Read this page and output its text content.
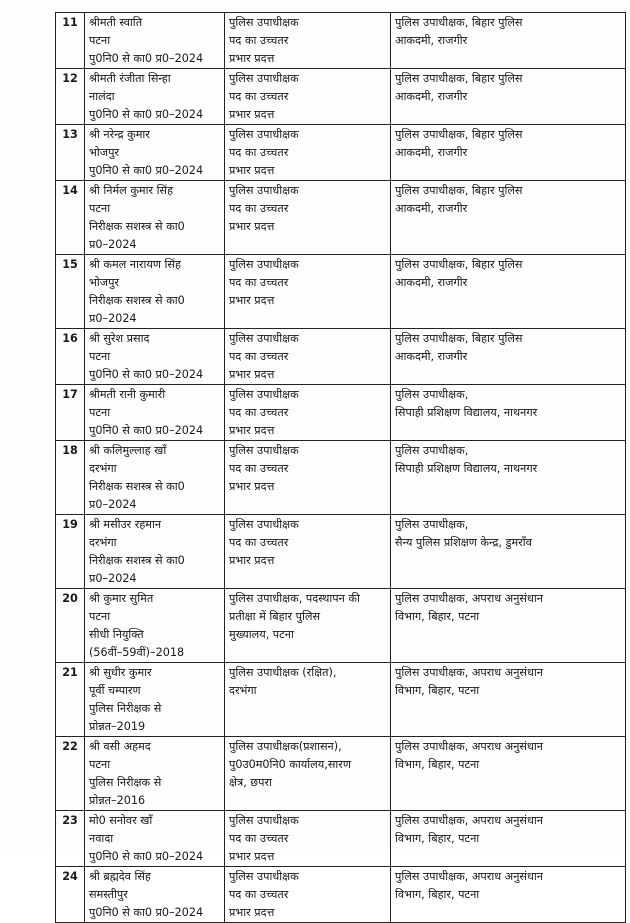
11	श्रीमती स्वाति
पटना
पु0नि0 से का0 प्र0–2024	पुलिस उपाधीक्षक
पद का उच्चतर
प्रभार प्रदत्त	पुलिस उपाधीक्षक, बिहार पुलिस
आकदमी, राजगीर

12	श्रीमती रंजीता सिन्हा
नालंदा
पु0नि0 से का0 प्र0–2024	पुलिस उपाधीक्षक
पद का उच्चतर
प्रभार प्रदत्त	पुलिस उपाधीक्षक, बिहार पुलिस
आकदमी, राजगीर

13	श्री नरेन्द्र कुमार
भोजपुर
पु0नि0 से का0 प्र0–2024	पुलिस उपाधीक्षक
पद का उच्चतर
प्रभार प्रदत्त	पुलिस उपाधीक्षक, बिहार पुलिस
आकदमी, राजगीर

14	श्री निर्मल कुमार सिंह
पटना
निरीक्षक सशस्त्र से का0
प्र0–2024	पुलिस उपाधीक्षक
पद का उच्चतर
प्रभार प्रदत्त	पुलिस उपाधीक्षक, बिहार पुलिस
आकदमी, राजगीर

15	श्री कमल नारायण सिंह
भोजपुर
निरीक्षक सशस्त्र से का0
प्र0–2024	पुलिस उपाधीक्षक
पद का उच्चतर
प्रभार प्रदत्त	पुलिस उपाधीक्षक, बिहार पुलिस
आकदमी, राजगीर

16	श्री सुरेश प्रसाद
पटना
पु0नि0 से का0 प्र0–2024	पुलिस उपाधीक्षक
पद का उच्चतर
प्रभार प्रदत्त	पुलिस उपाधीक्षक, बिहार पुलिस
आकदमी, राजगीर

17	श्रीमती रानी कुमारी
पटना
पु0नि0 से का0 प्र0–2024	पुलिस उपाधीक्षक
पद का उच्चतर
प्रभार प्रदत्त	पुलिस उपाधीक्षक,
सिपाही प्रशिक्षण विद्यालय, नाथनगर

18	श्री कलिमुल्लाह खाँ
दरभंगा
निरीक्षक सशस्त्र से का0
प्र0–2024	पुलिस उपाधीक्षक
पद का उच्चतर
प्रभार प्रदत्त	पुलिस उपाधीक्षक,
सिपाही प्रशिक्षण विद्यालय, नाथनगर

19	श्री मसीउर रहमान
दरभंगा
निरीक्षक सशस्त्र से का0
प्र0–2024	पुलिस उपाधीक्षक
पद का उच्चतर
प्रभार प्रदत्त	पुलिस उपाधीक्षक,
सैन्य पुलिस प्रशिक्षण केन्द्र, डुमराँव

20	श्री कुमार सुमित
पटना
सीधी नियुक्ति
(56वीं–59वीं)–2018	पुलिस उपाधीक्षक, पदस्थापन की
प्रतीक्षा में बिहार पुलिस
मुख्यालय, पटना	पुलिस उपाधीक्षक, अपराध अनुसंधान
विभाग, बिहार, पटना

21	श्री सुधीर कुमार
पूर्वी चम्पारण
पुलिस निरीक्षक से
प्रोन्नत–2019	पुलिस उपाधीक्षक (रक्षित),
दरभंगा	पुलिस उपाधीक्षक, अपराध अनुसंधान
विभाग, बिहार, पटना

22	श्री वसी अहमद
पटना
पुलिस निरीक्षक से
प्रोन्नत–2016	पुलिस उपाधीक्षक(प्रशासन),
पु0उ0म0नि0 कार्यालय,सारण
क्षेत्र, छपरा	पुलिस उपाधीक्षक, अपराध अनुसंधान
विभाग, बिहार, पटना

23	मो0 सनोवर खाँ
नवादा
पु0नि0 से का0 प्र0–2024	पुलिस उपाधीक्षक
पद का उच्चतर
प्रभार प्रदत्त	पुलिस उपाधीक्षक, अपराध अनुसंधान
विभाग, बिहार, पटना

24	श्री ब्रह्मदेव सिंह
समस्तीपुर
पु0नि0 से का0 प्र0–2024	पुलिस उपाधीक्षक
पद का उच्चतर
प्रभार प्रदत्त	पुलिस उपाधीक्षक, अपराध अनुसंधान
विभाग, बिहार, पटना
